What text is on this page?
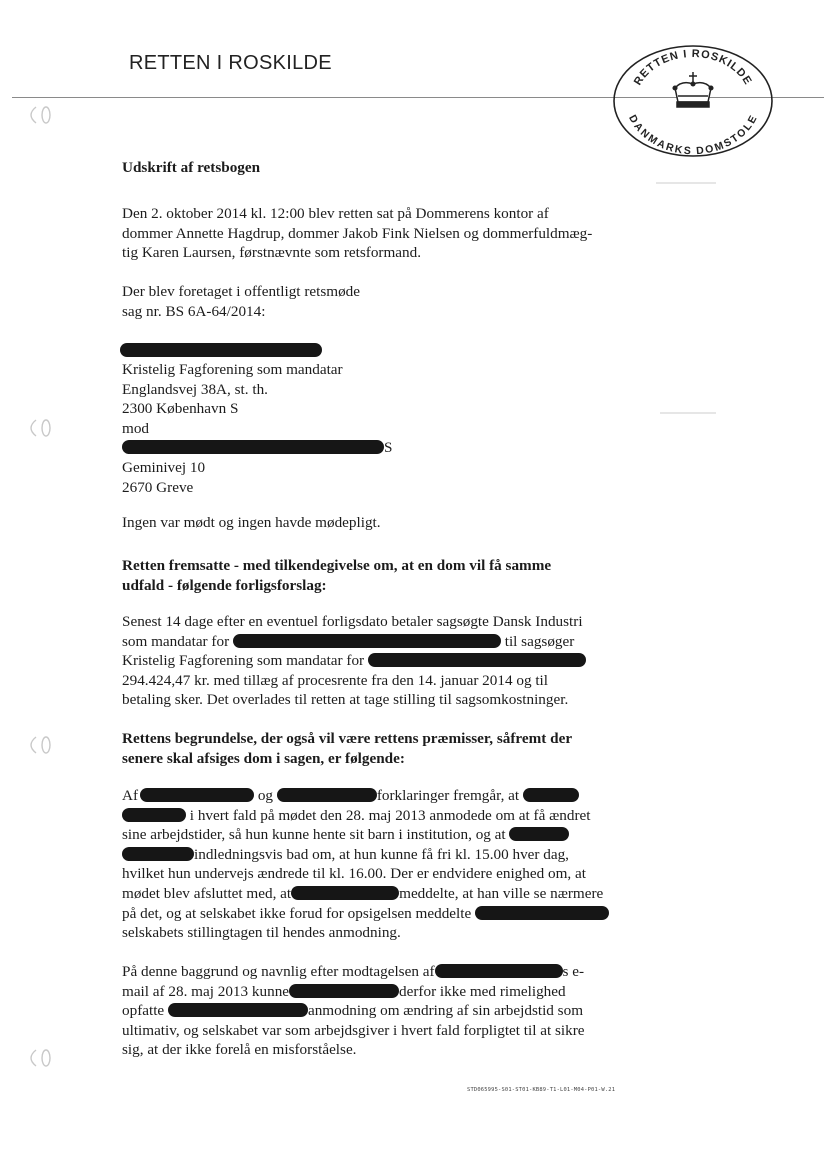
RETTEN I ROSKILDE
RETTEN I ROSKILDE
DANMARKS DOMSTOLE
Udskrift af retsbogen
Den 2. oktober 2014 kl. 12:00 blev retten sat på Dommerens kontor af
dommer Annette Hagdrup, dommer Jakob Fink Nielsen og dommerfuldmæg-
tig Karen Laursen, førstnævnte som retsformand.
Der blev foretaget i offentligt retsmøde
sag nr. BS 6A-64/2014:
Kristelig Fagforening som mandatar
Englandsvej 38A, st. th.
2300 København S
mod
S
Geminivej 10
2670 Greve
Ingen var mødt og ingen havde mødepligt.
Retten fremsatte - med tilkendegivelse om, at en dom vil få samme
udfald - følgende forligsforslag:
Senest 14 dage efter en eventuel forligsdato betaler sagsøgte Dansk Industri
som mandatar for	til sagsøger
Kristelig Fagforening som mandatar for
294.424,47 kr. med tillæg af procesrente fra den 14. januar 2014 og til
betaling sker. Det overlades til retten at tage stilling til sagsomkostninger.
Rettens begrundelse, der også vil være rettens præmisser, såfremt der
senere skal afsiges dom i sagen, er følgende:
Af	og	forklaringer fremgår, at
i hvert fald på mødet den 28. maj 2013 anmodede om at få ændret
sine arbejdstider, så hun kunne hente sit barn i institution, og at
indledningsvis bad om, at hun kunne få fri kl. 15.00 hver dag,
hvilket hun undervejs ændrede til kl. 16.00. Der er endvidere enighed om, at
mødet blev afsluttet med, at	meddelte, at han ville se nærmere
på det, og at selskabet ikke forud for opsigelsen meddelte
selskabets stillingtagen til hendes anmodning.
På denne baggrund og navnlig efter modtagelsen af	s e-
mail af 28. maj 2013 kunne	derfor ikke med rimelighed
opfatte	anmodning om ændring af sin arbejdstid som
ultimativ, og selskabet var som arbejdsgiver i hvert fald forpligtet til at sikre
sig, at der ikke forelå en misforståelse.
STD065995-S01-ST01-KB89-T1-L01-M04-P01-W.21
